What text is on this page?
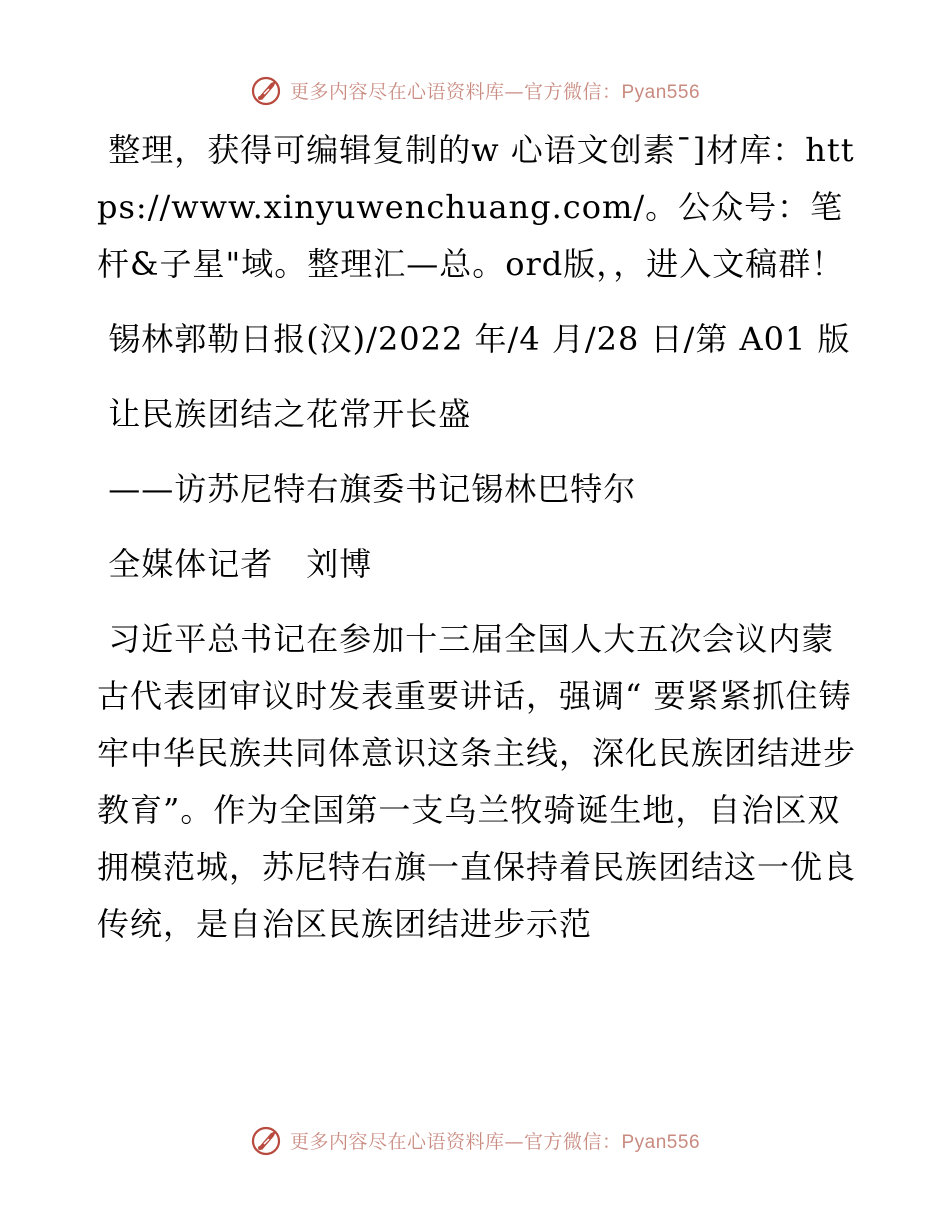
更多内容尽在心语资料库—官方微信：Pyan556

整理，获得可编辑复制的w 心语文创素¯]材库：https://www.xinyuwenchuang.com/。公众号：笔杆&子星"域。整理汇—总。ord版，，进入文稿群！

锡林郭勒日报(汉)/2022 年/4 月/28 日/第 A01 版

让民族团结之花常开长盛

——访苏尼特右旗委书记锡林巴特尔

全媒体记者　刘博

习近平总书记在参加十三届全国人大五次会议内蒙古代表团审议时发表重要讲话，强调“ 要紧紧抓住铸牢中华民族共同体意识这条主线，深化民族团结进步教育”。作为全国第一支乌兰牧骑诞生地，自治区双拥模范城，苏尼特右旗一直保持着民族团结这一优良传统，是自治区民族团结进步示范

更多内容尽在心语资料库—官方微信：Pyan556
